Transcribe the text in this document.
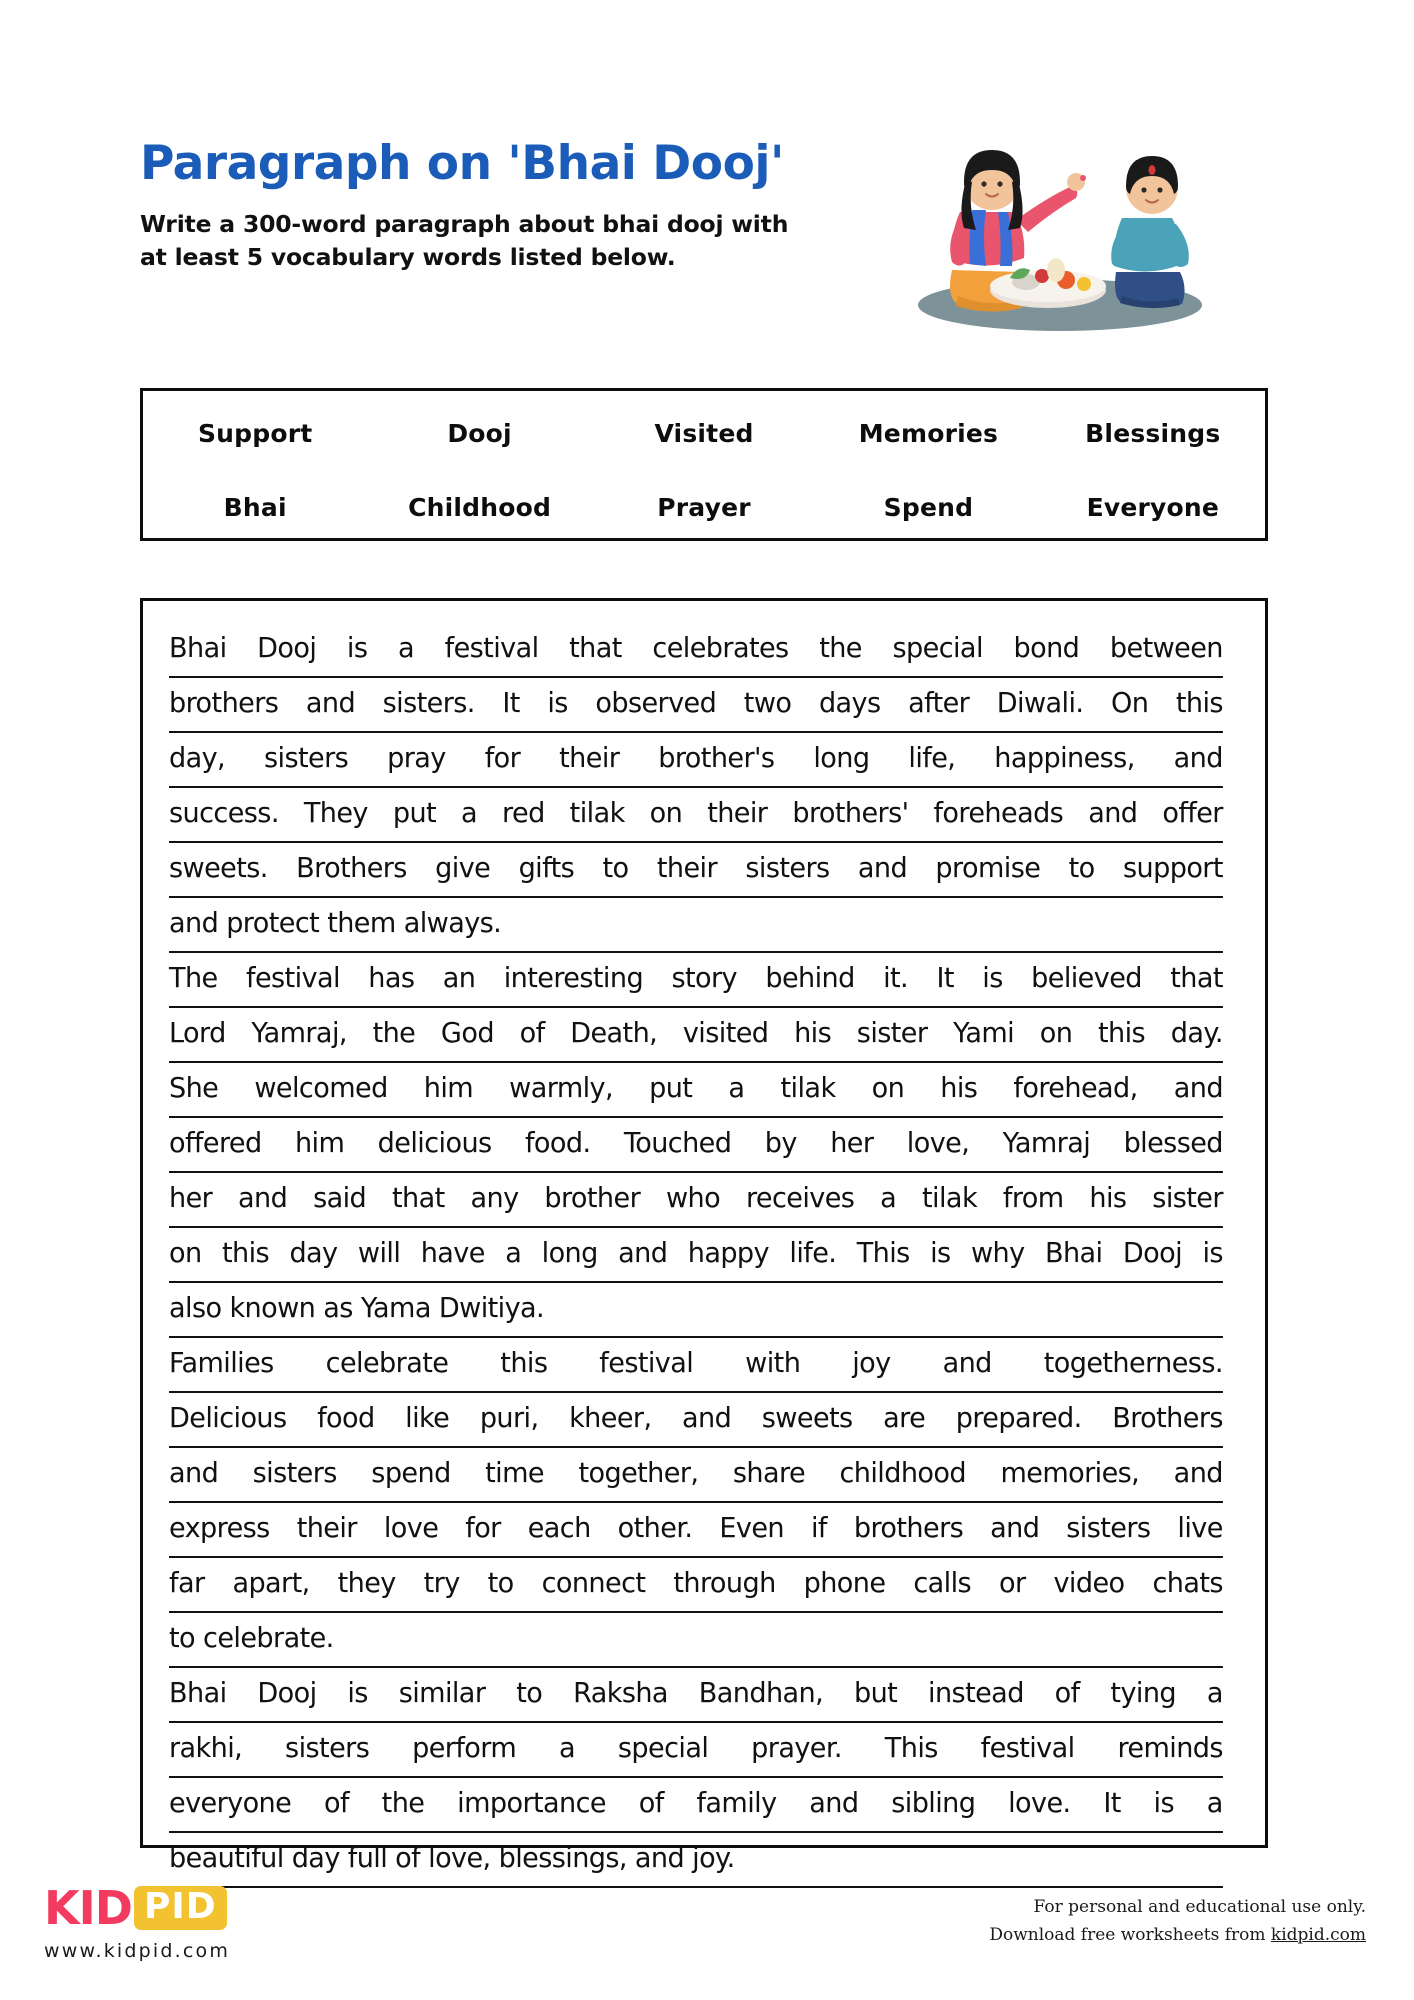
Paragraph on 'Bhai Dooj'
Write a 300-word paragraph about bhai dooj with
at least 5 vocabulary words listed below.
Support	Dooj	Visited	Memories	Blessings
Bhai	Childhood	Prayer	Spend	Everyone
Bhai Dooj is a festival that celebrates the special bond between
brothers and sisters. It is observed two days after Diwali. On this
day, sisters pray for their brother's long life, happiness, and
success. They put a red tilak on their brothers' foreheads and offer
sweets. Brothers give gifts to their sisters and promise to support
and protect them always.
The festival has an interesting story behind it. It is believed that
Lord Yamraj, the God of Death, visited his sister Yami on this day.
She welcomed him warmly, put a tilak on his forehead, and
offered him delicious food. Touched by her love, Yamraj blessed
her and said that any brother who receives a tilak from his sister
on this day will have a long and happy life. This is why Bhai Dooj is
also known as Yama Dwitiya.
Families celebrate this festival with joy and togetherness.
Delicious food like puri, kheer, and sweets are prepared. Brothers
and sisters spend time together, share childhood memories, and
express their love for each other. Even if brothers and sisters live
far apart, they try to connect through phone calls or video chats
to celebrate.
Bhai Dooj is similar to Raksha Bandhan, but instead of tying a
rakhi, sisters perform a special prayer. This festival reminds
everyone of the importance of family and sibling love. It is a
beautiful day full of love, blessings, and joy.
KID PID
www.kidpid.com
For personal and educational use only.
Download free worksheets from kidpid.com
